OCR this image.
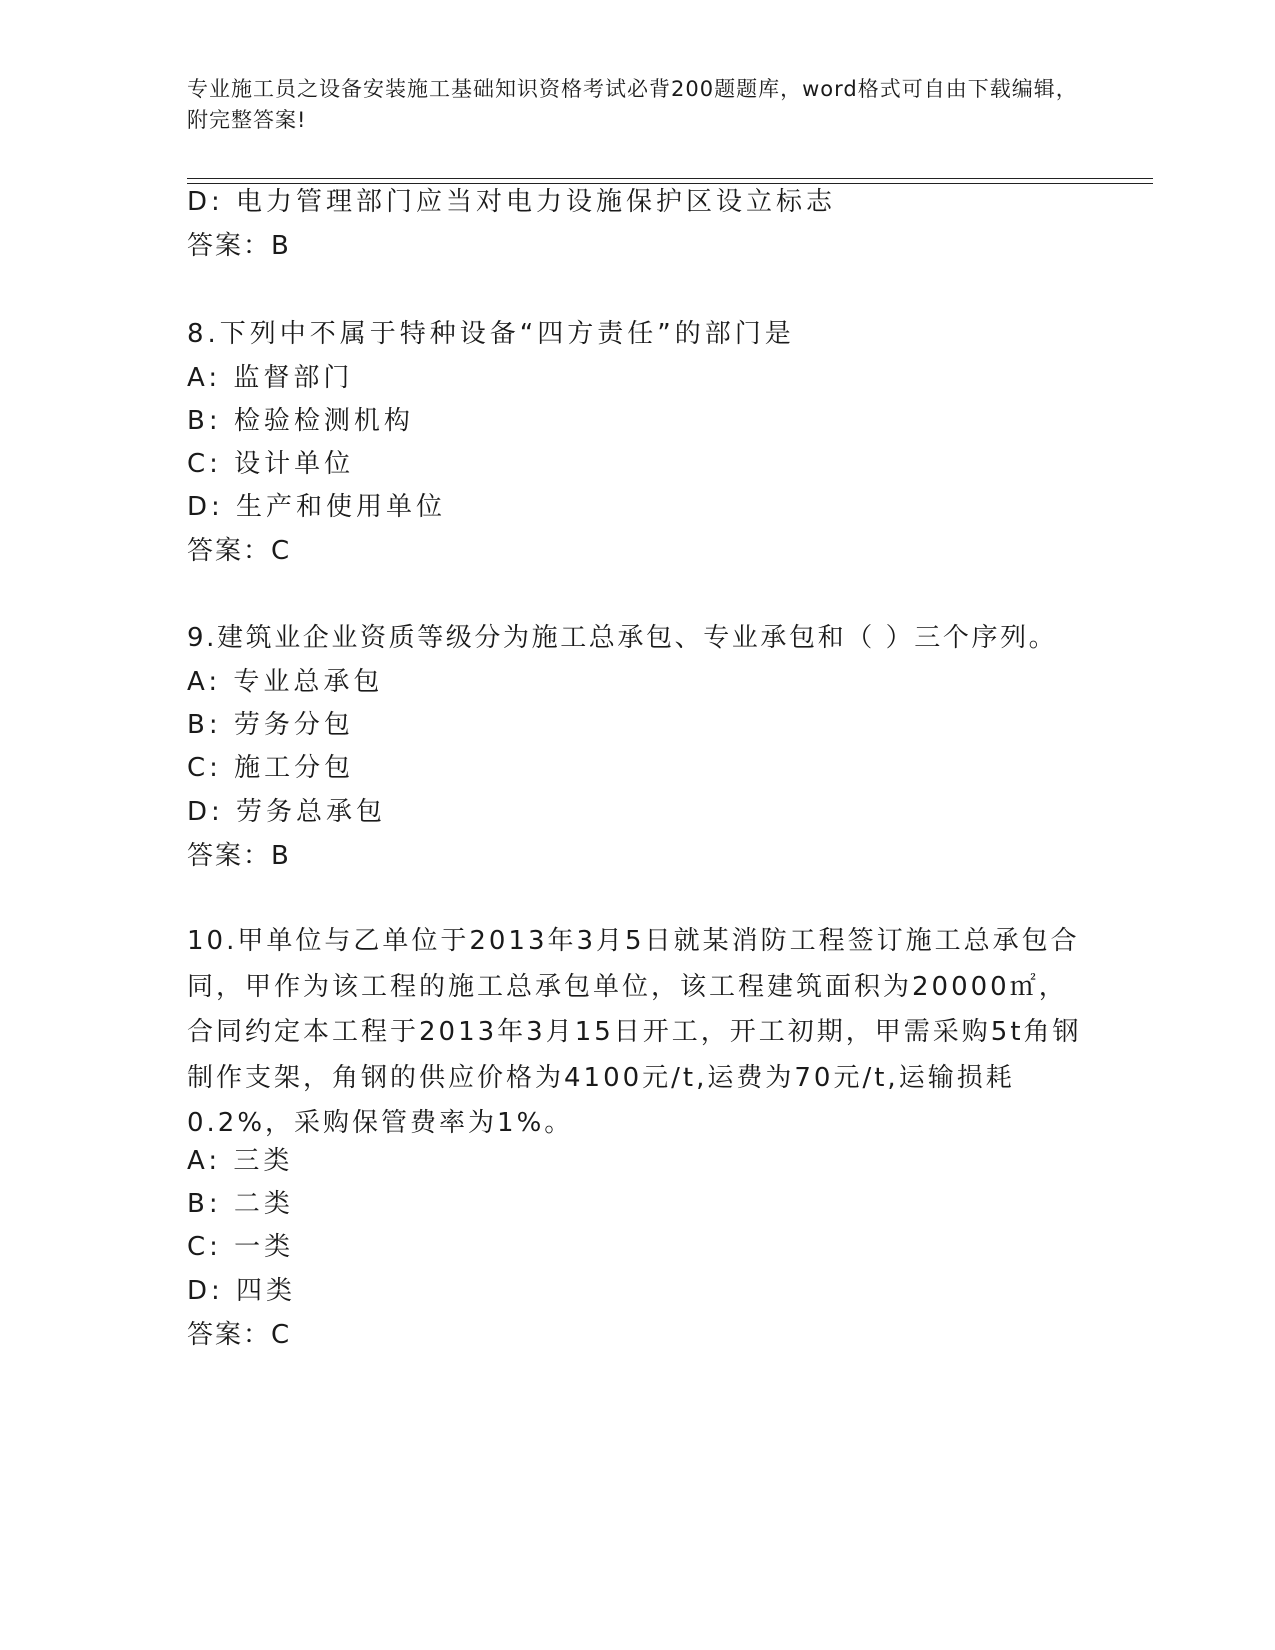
专业施工员之设备安装施工基础知识资格考试必背200题题库，word格式可自由下载编辑，附完整答案!
D: 电力管理部门应当对电力设施保护区设立标志
答案：B
8.下列中不属于特种设备“四方责任”的部门是
A: 监督部门
B: 检验检测机构
C: 设计单位
D: 生产和使用单位
答案：C
9.建筑业企业资质等级分为施工总承包、专业承包和（ ）三个序列。
A: 专业总承包
B: 劳务分包
C: 施工分包
D: 劳务总承包
答案：B
10.甲单位与乙单位于2013年3月5日就某消防工程签订施工总承包合同，甲作为该工程的施工总承包单位，该工程建筑面积为20000㎡，合同约定本工程于2013年3月15日开工，开工初期，甲需采购5t角钢制作支架，角钢的供应价格为4100元/t,运费为70元/t,运输损耗0.2%，采购保管费率为1%。
A: 三类
B: 二类
C: 一类
D: 四类
答案：C
